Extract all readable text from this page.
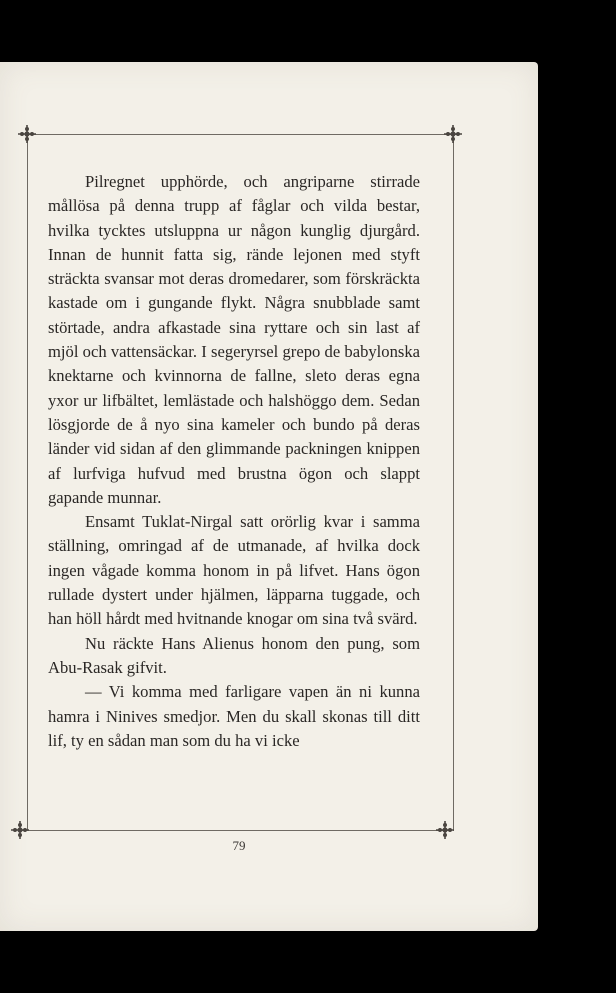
Pilregnet upphörde, och angriparne stirrade mållösa på denna trupp af fåglar och vilda bestar, hvilka tycktes utsluppna ur någon kunglig djurgård. Innan de hunnit fatta sig, rände lejonen med styft sträckta svansar mot deras dromedarer, som förskräckta kastade om i gungande flykt. Några snubblade samt störtade, andra afkastade sina ryttare och sin last af mjöl och vattensäckar. I segeryrsel grepo de babylonska knektarne och kvinnorna de fallne, sleto deras egna yxor ur lifbältet, lemlästade och halshöggo dem. Sedan lösgjorde de å nyo sina kameler och bundo på deras länder vid sidan af den glimmande packningen knippen af lurfviga hufvud med brustna ögon och slappt gapande munnar.

Ensamt Tuklat-Nirgal satt orörlig kvar i samma ställning, omringad af de utmanade, af hvilka dock ingen vågade komma honom in på lifvet. Hans ögon rullade dystert under hjälmen, läpparna tuggade, och han höll hårdt med hvitnande knogar om sina två svärd.

Nu räckte Hans Alienus honom den pung, som Abu-Rasak gifvit.

— Vi komma med farligare vapen än ni kunna hamra i Ninives smedjor. Men du skall skonas till ditt lif, ty en sådan man som du ha vi icke

79
